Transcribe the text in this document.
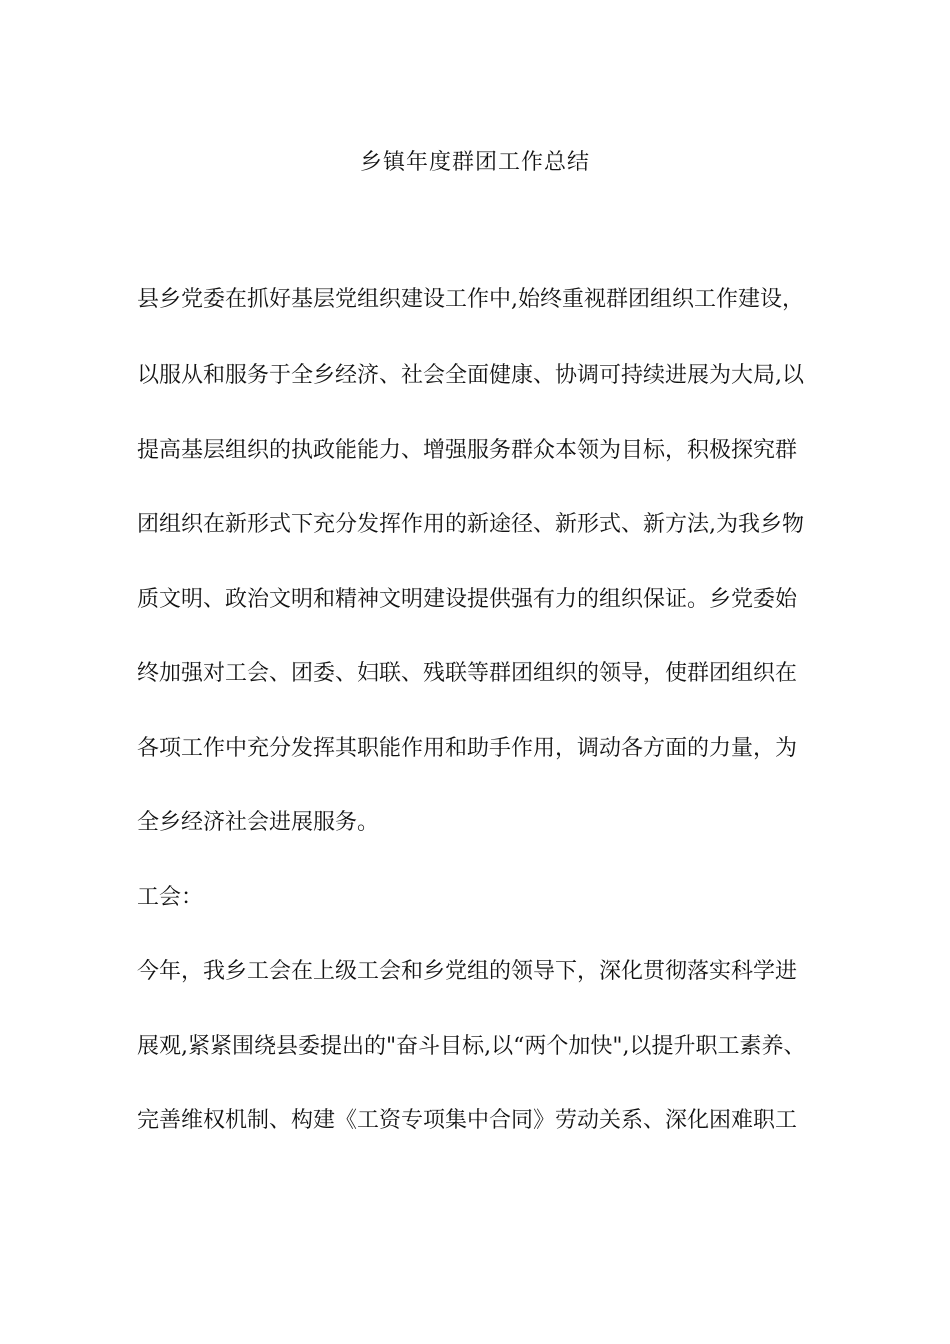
乡镇年度群团工作总结
县乡党委在抓好基层党组织建设工作中,始终重视群团组织工作建设，
以服从和服务于全乡经济、社会全面健康、协调可持续进展为大局,以
提高基层组织的执政能能力、增强服务群众本领为目标，积极探究群
团组织在新形式下充分发挥作用的新途径、新形式、新方法,为我乡物
质文明、政治文明和精神文明建设提供强有力的组织保证。乡党委始
终加强对工会、团委、妇联、残联等群团组织的领导，使群团组织在
各项工作中充分发挥其职能作用和助手作用，调动各方面的力量，为
全乡经济社会进展服务。
工会：
今年，我乡工会在上级工会和乡党组的领导下，深化贯彻落实科学进
展观,紧紧围绕县委提出的"奋斗目标,以“两个加快",以提升职工素养、
完善维权机制、构建《工资专项集中合同》劳动关系、深化困难职工
